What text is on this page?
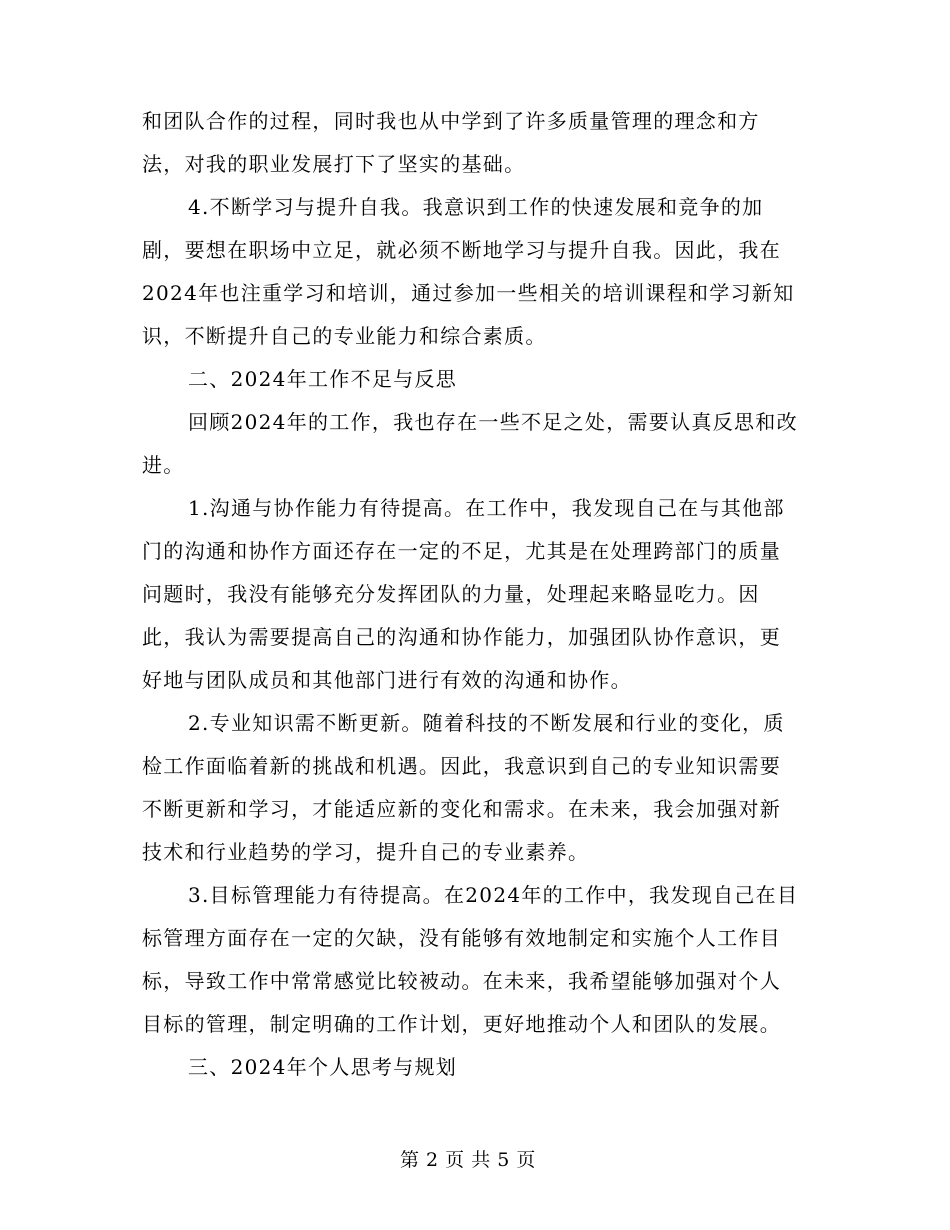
和团队合作的过程，同时我也从中学到了许多质量管理的理念和方
法，对我的职业发展打下了坚实的基础。
4.不断学习与提升自我。我意识到工作的快速发展和竞争的加
剧，要想在职场中立足，就必须不断地学习与提升自我。因此，我在
2024年也注重学习和培训，通过参加一些相关的培训课程和学习新知
识，不断提升自己的专业能力和综合素质。
二、2024年工作不足与反思
回顾2024年的工作，我也存在一些不足之处，需要认真反思和改
进。
1.沟通与协作能力有待提高。在工作中，我发现自己在与其他部
门的沟通和协作方面还存在一定的不足，尤其是在处理跨部门的质量
问题时，我没有能够充分发挥团队的力量，处理起来略显吃力。因
此，我认为需要提高自己的沟通和协作能力，加强团队协作意识，更
好地与团队成员和其他部门进行有效的沟通和协作。
2.专业知识需不断更新。随着科技的不断发展和行业的变化，质
检工作面临着新的挑战和机遇。因此，我意识到自己的专业知识需要
不断更新和学习，才能适应新的变化和需求。在未来，我会加强对新
技术和行业趋势的学习，提升自己的专业素养。
3.目标管理能力有待提高。在2024年的工作中，我发现自己在目
标管理方面存在一定的欠缺，没有能够有效地制定和实施个人工作目
标，导致工作中常常感觉比较被动。在未来，我希望能够加强对个人
目标的管理，制定明确的工作计划，更好地推动个人和团队的发展。
三、2024年个人思考与规划
第 2 页 共 5 页
